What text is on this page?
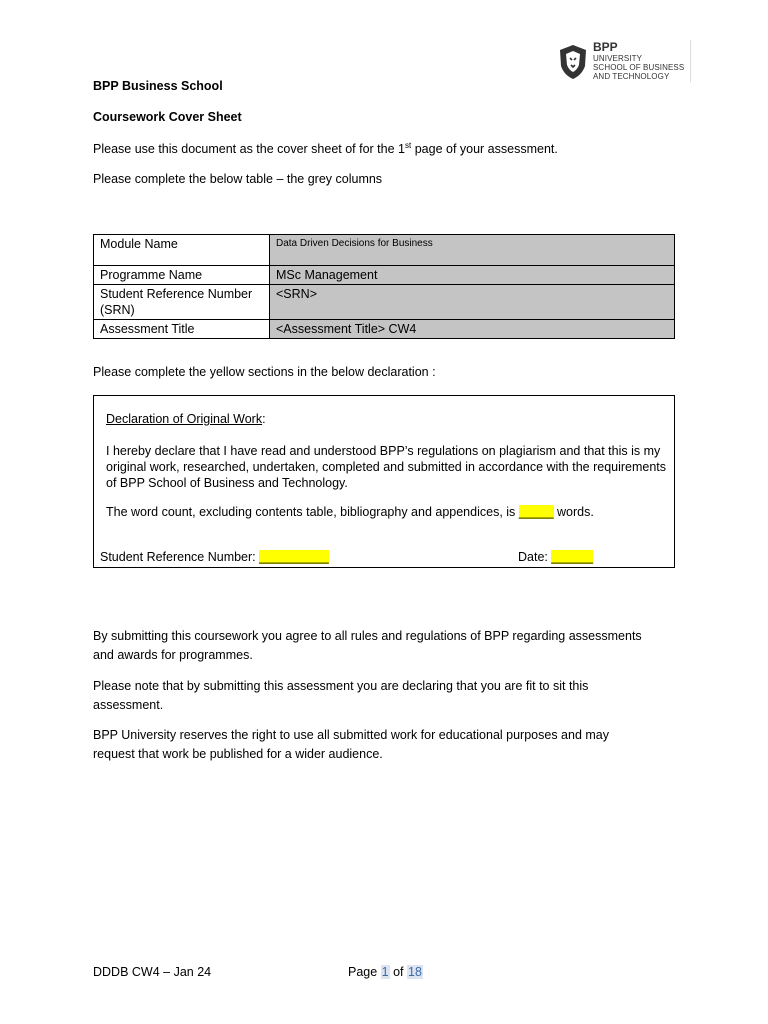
BPP
UNIVERSITY
SCHOOL OF BUSINESS
AND TECHNOLOGY
BPP Business School
Coursework Cover Sheet
Please use this document as the cover sheet of for the 1st page of your assessment.
Please complete the below table – the grey columns
Module Name	Data Driven Decisions for Business
Programme Name	MSc Management
Student Reference Number (SRN)	<SRN>
Assessment Title	<Assessment Title> CW4
Please complete the yellow sections in the below declaration :
Declaration of Original Work:
I hereby declare that I have read and understood BPP’s regulations on plagiarism and that this is my
original work, researched, undertaken, completed and submitted in accordance with the requirements
of BPP School of Business and Technology.
The word count, excluding contents table, bibliography and appendices, is _____ words.
Student Reference Number: __________	Date: ______
By submitting this coursework you agree to all rules and regulations of BPP regarding assessments and awards for programmes.
Please note that by submitting this assessment you are declaring that you are fit to sit this assessment.
BPP University reserves the right to use all submitted work for educational purposes and may request that work be published for a wider audience.
DDDB CW4 – Jan 24	Page 1 of 18
